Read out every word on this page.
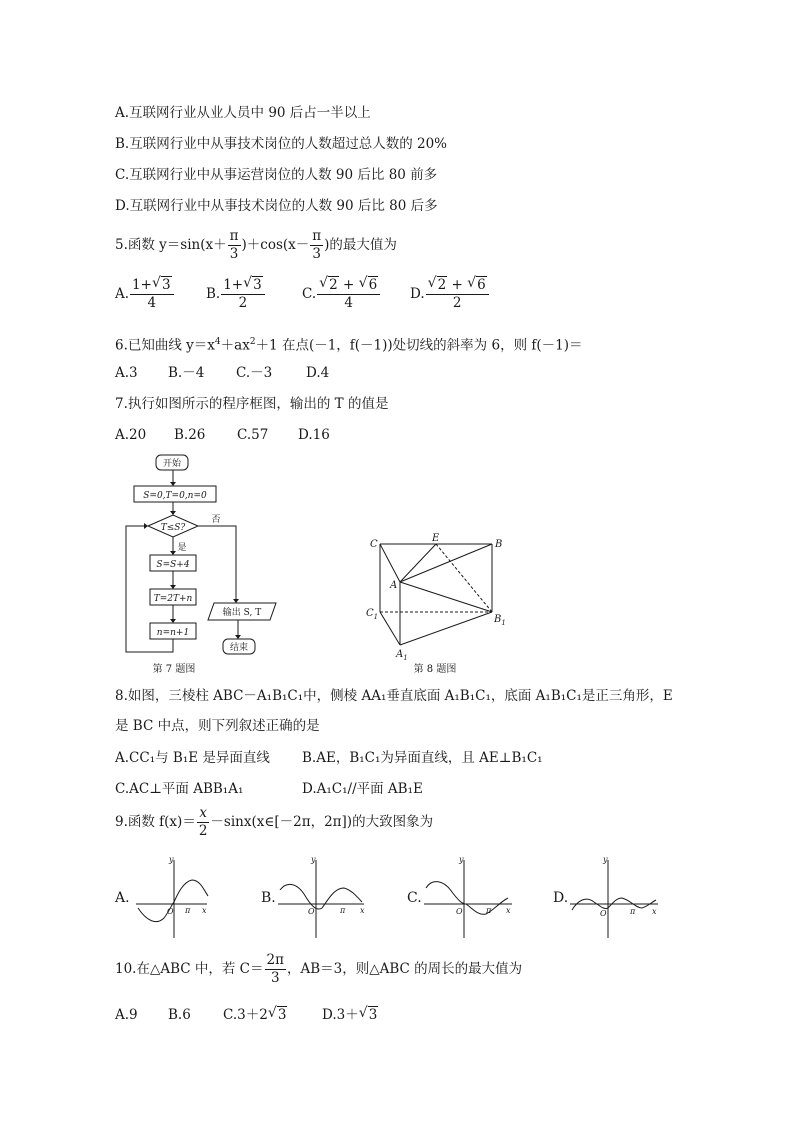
A.互联网行业从业人员中 90 后占一半以上
B.互联网行业中从事技术岗位的人数超过总人数的 20%
C.互联网行业中从事运营岗位的人数 90 后比 80 前多
D.互联网行业中从事技术岗位的人数 90 后比 80 后多
5.函数 $y=\sin(x+ \frac{\pi}{3} )+\cos(x- \frac{\pi}{3}$ )的最大值为
A. $\frac{1+ √ 3}{4} B$. $\frac{1+ √ 3}{2}$	C. √ $\frac{2 + √ 6}{4} D$. √ $\frac{2 + √ 6}{2}$
6.已知曲线 $y=x^4+ax^2+1$ 在点(－1，f(－1))处切线的斜率为 6，则 f(－1)＝
A.3 B.－4 C.－3	D.4
7.执行如图所示的程序框图，输出的 T 的值是
A.20 B.26 C.57 D.16
开始
S=0,T=0,n=0
T≤S?
否
是
S=S+4
T=2T+n
n=n+1
输出 S, T
结束
第 7 题图
C
E
B
A
$C_1$	$B_1$
$A_1$
第 8 题图
8.如图，三棱柱 ABC－A₁B₁C₁中，侧棱 AA₁垂直底面 A₁B₁C₁，底面 A₁B₁C₁是正三角形，E
是 BC 中点，则下列叙述正确的是
A.CC₁与 B₁E 是异面直线 B.AE，B₁C₁为异面直线，且 AE⊥B₁C₁
C.AC⊥平面 ABB₁A₁	D.A₁C₁//平面 AB₁E
9.函数 $f(x)= \frac{x}{2}$ －sinx(x∈[－2π，2π])的大致图象为
A.
y
O π x
B.
y
O	π x
C.
y
O	π x
D.
y
O	π x
10.在△ABC 中，若 $C= \frac{2\pi}{3}$ ，AB＝3，则△ABC 的周长的最大值为
A.9 B.6 C.3＋2 √ 3	D.3＋ √ 3
